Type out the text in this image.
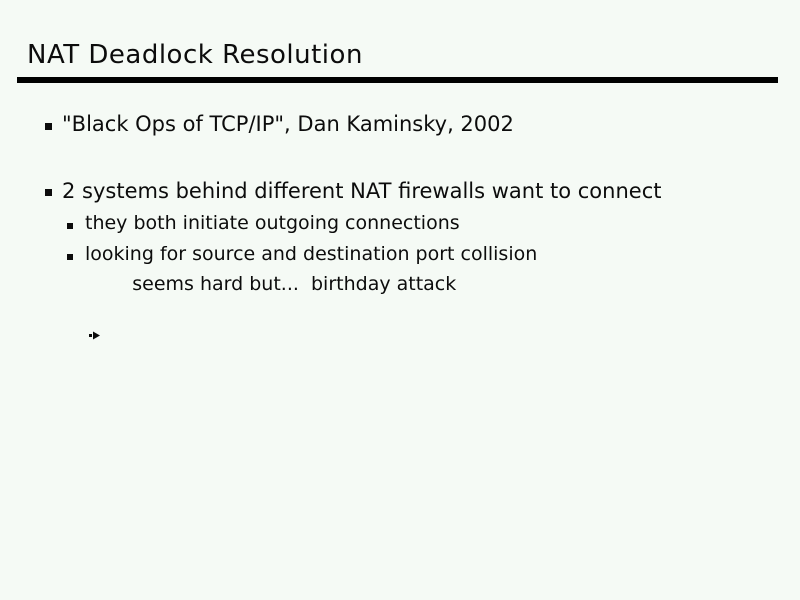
NAT Deadlock Resolution
"Black Ops of TCP/IP", Dan Kaminsky, 2002
2 systems behind different NAT firewalls want to connect
they both initiate outgoing connections
looking for source and destination port collision

seems hard but...  birthday attack
